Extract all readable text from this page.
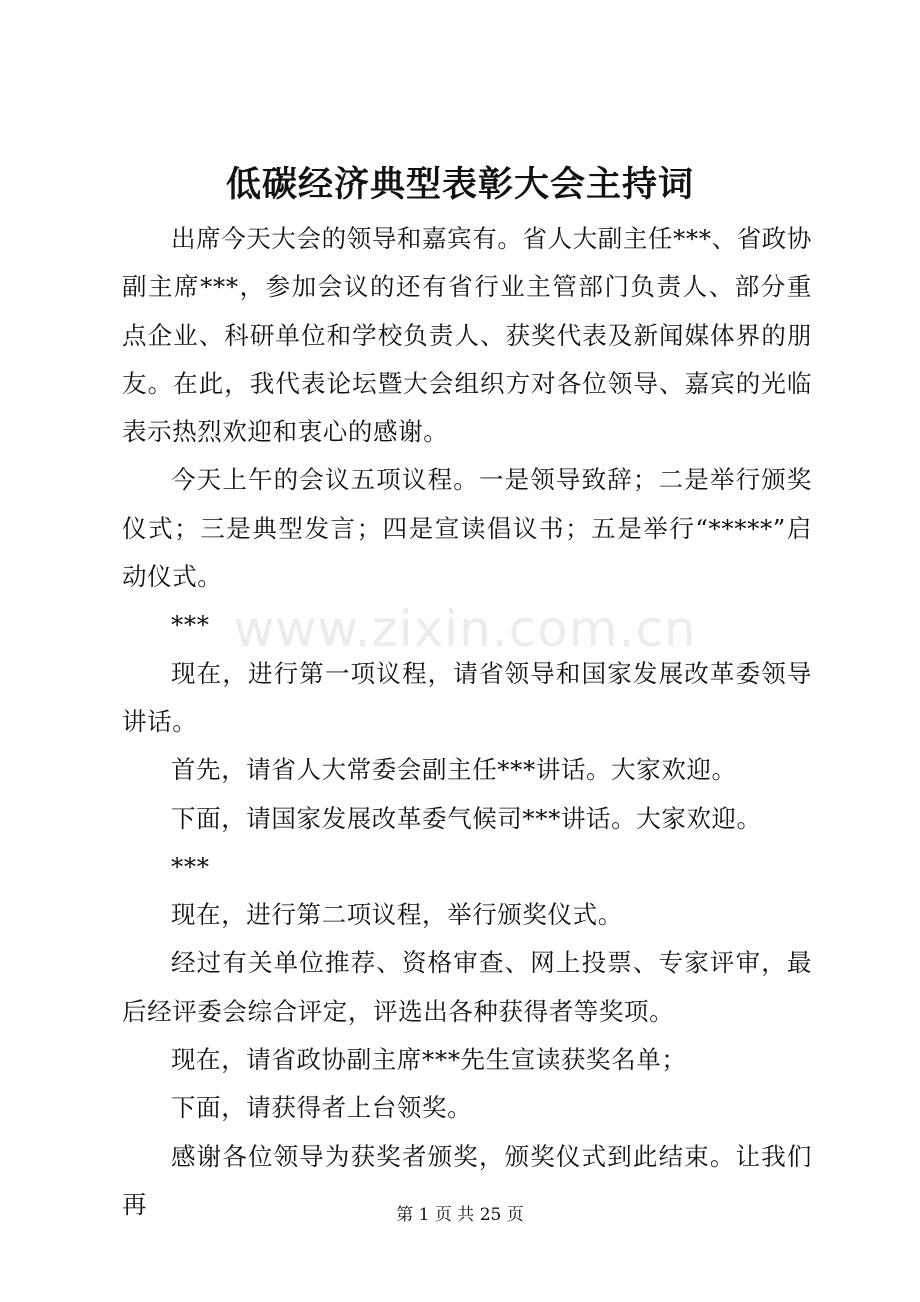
www.zixin.com.cn
低碳经济典型表彰大会主持词

出席今天大会的领导和嘉宾有。省人大副主任***、省政协副主席***，参加会议的还有省行业主管部门负责人、部分重点企业、科研单位和学校负责人、获奖代表及新闻媒体界的朋友。在此，我代表论坛暨大会组织方对各位领导、嘉宾的光临表示热烈欢迎和衷心的感谢。

今天上午的会议五项议程。一是领导致辞；二是举行颁奖仪式；三是典型发言；四是宣读倡议书；五是举行“*****”启动仪式。

***

现在，进行第一项议程，请省领导和国家发展改革委领导讲话。

首先，请省人大常委会副主任***讲话。大家欢迎。

下面，请国家发展改革委气候司***讲话。大家欢迎。

***

现在，进行第二项议程，举行颁奖仪式。

经过有关单位推荐、资格审查、网上投票、专家评审，最后经评委会综合评定，评选出各种获得者等奖项。

现在，请省政协副主席***先生宣读获奖名单；

下面，请获得者上台领奖。

感谢各位领导为获奖者颁奖，颁奖仪式到此结束。让我们再	第 1 页 共 25 页
